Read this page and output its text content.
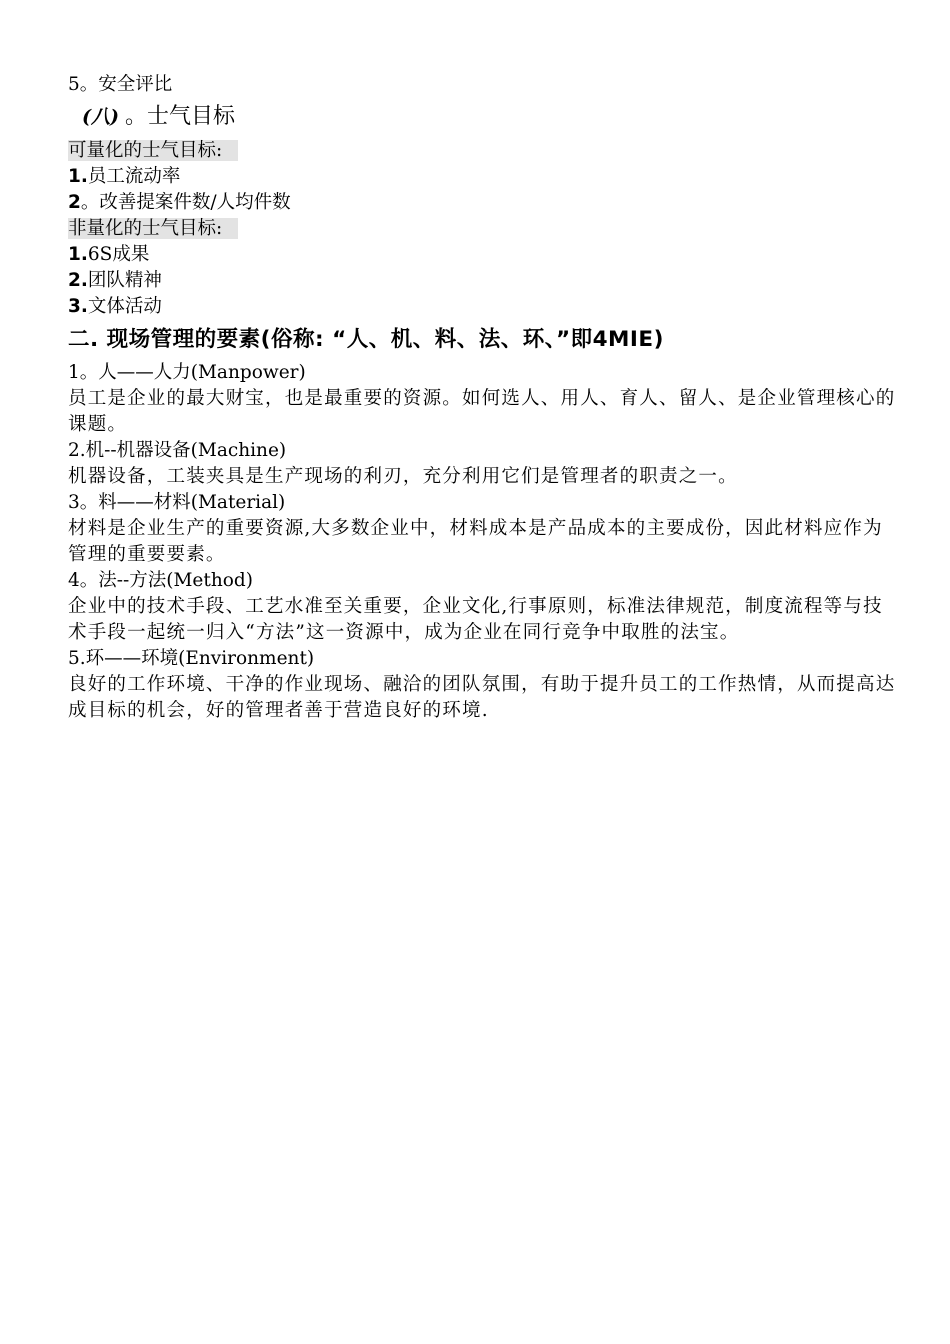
5。安全评比
(八) 。士气目标
可量化的士气目标:
1.员工流动率
2。改善提案件数/人均件数
非量化的士气目标:
1.6S成果
2.团队精神
3.文体活动
二. 现场管理的要素(俗称: “人、机、料、法、环、”即4MIE)
1。人——人力(Manpower)
员工是企业的最大财宝，也是最重要的资源。如何选人、用人、育人、留人、是企业管理核心的课题。
2.机--机器设备(Machine)
机器设备，工装夹具是生产现场的利刃，充分利用它们是管理者的职责之一。
3。料——材料(Material)
材料是企业生产的重要资源,大多数企业中，材料成本是产品成本的主要成份，因此材料应作为管理的重要要素。
4。法--方法(Method)
企业中的技术手段、工艺水准至关重要，企业文化,行事原则，标准法律规范，制度流程等与技术手段一起统一归入“方法”这一资源中，成为企业在同行竞争中取胜的法宝。
5.环——环境(Environment)
良好的工作环境、干净的作业现场、融洽的团队氛围，有助于提升员工的工作热情，从而提高达成目标的机会，好的管理者善于营造良好的环境.
